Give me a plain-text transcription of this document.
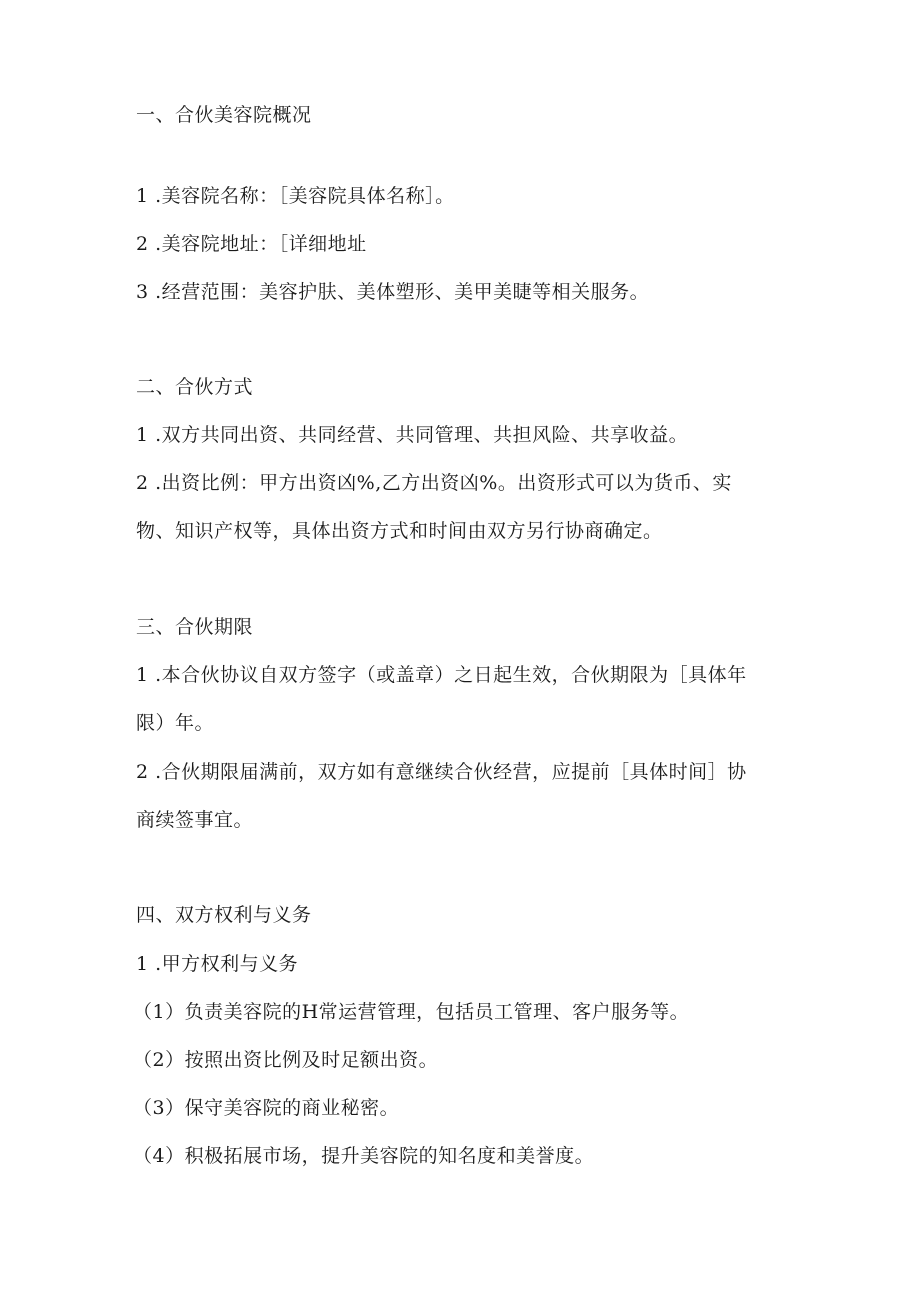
一、合伙美容院概况
1 .美容院名称：［美容院具体名称］。
2 .美容院地址：［详细地址
3 .经营范围：美容护肤、美体塑形、美甲美睫等相关服务。
二、合伙方式
1 .双方共同出资、共同经营、共同管理、共担风险、共享收益。
2 .出资比例：甲方出资凶%,乙方出资凶%。出资形式可以为货币、实
物、知识产权等，具体出资方式和时间由双方另行协商确定。
三、合伙期限
1 .本合伙协议自双方签字（或盖章）之日起生效，合伙期限为［具体年
限）年。
2 .合伙期限届满前，双方如有意继续合伙经营，应提前［具体时间］协
商续签事宜。
四、双方权利与义务
1 .甲方权利与义务
（1）负责美容院的H常运营管理，包括员工管理、客户服务等。
（2）按照出资比例及时足额出资。
（3）保守美容院的商业秘密。
（4）积极拓展市场，提升美容院的知名度和美誉度。
